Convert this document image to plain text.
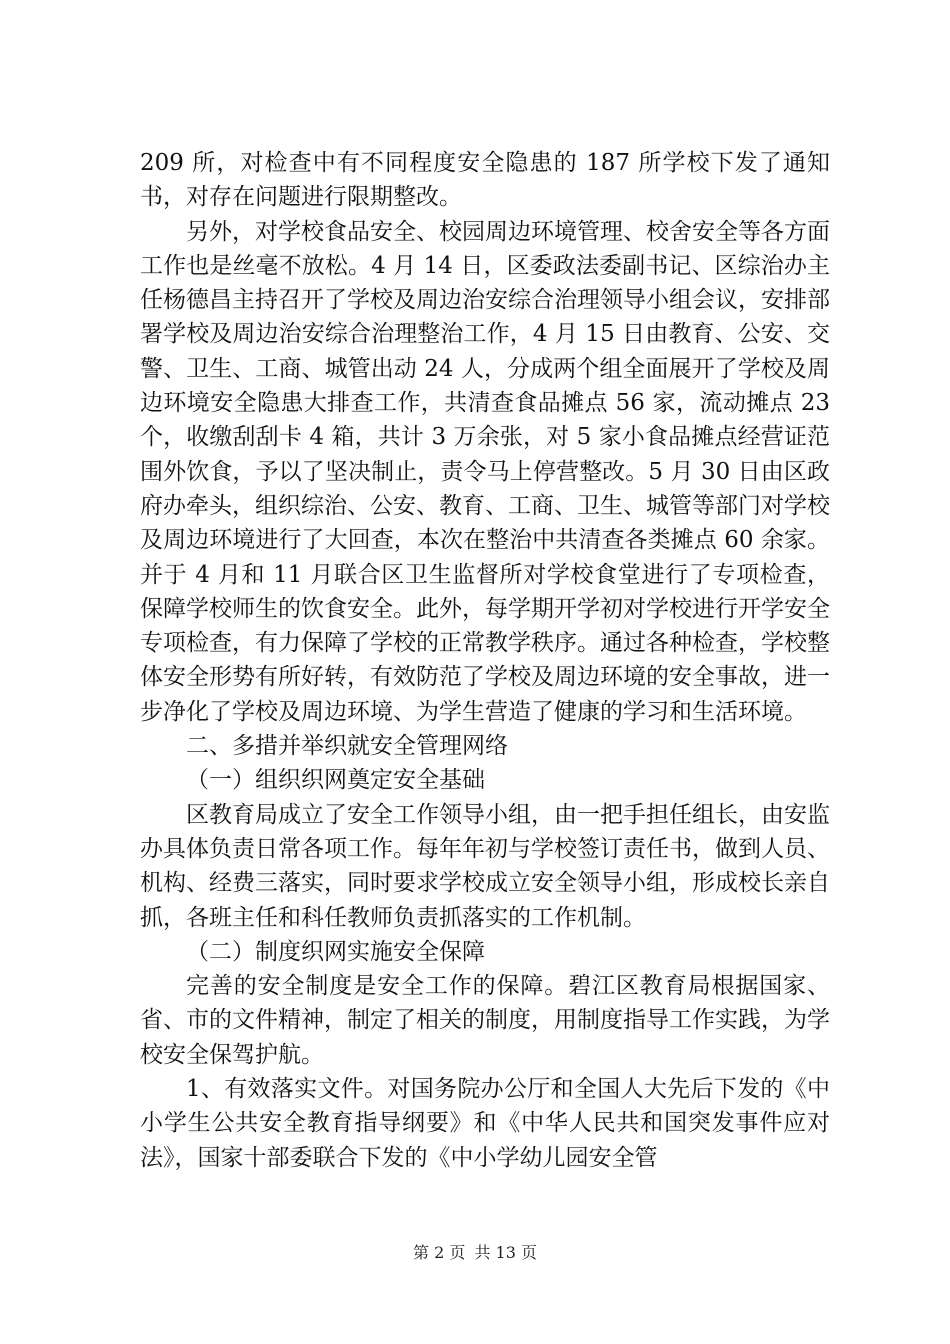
209 所，对检查中有不同程度安全隐患的 187 所学校下发了通知书，对存在问题进行限期整改。

另外，对学校食品安全、校园周边环境管理、校舍安全等各方面工作也是丝毫不放松。4 月 14 日，区委政法委副书记、区综治办主任杨德昌主持召开了学校及周边治安综合治理领导小组会议，安排部署学校及周边治安综合治理整治工作，4 月 15 日由教育、公安、交警、卫生、工商、城管出动 24 人，分成两个组全面展开了学校及周边环境安全隐患大排查工作，共清查食品摊点 56 家，流动摊点 23 个，收缴刮刮卡 4 箱，共计 3 万余张，对 5 家小食品摊点经营证范围外饮食，予以了坚决制止，责令马上停营整改。5 月 30 日由区政府办牵头，组织综治、公安、教育、工商、卫生、城管等部门对学校及周边环境进行了大回查，本次在整治中共清查各类摊点 60 余家。并于 4 月和 11 月联合区卫生监督所对学校食堂进行了专项检查，保障学校师生的饮食安全。此外，每学期开学初对学校进行开学安全专项检查，有力保障了学校的正常教学秩序。通过各种检查，学校整体安全形势有所好转，有效防范了学校及周边环境的安全事故，进一步净化了学校及周边环境、为学生营造了健康的学习和生活环境。

二、多措并举织就安全管理网络

（一）组织织网奠定安全基础

区教育局成立了安全工作领导小组，由一把手担任组长，由安监办具体负责日常各项工作。每年年初与学校签订责任书，做到人员、机构、经费三落实，同时要求学校成立安全领导小组，形成校长亲自抓，各班主任和科任教师负责抓落实的工作机制。

（二）制度织网实施安全保障

完善的安全制度是安全工作的保障。碧江区教育局根据国家、省、市的文件精神，制定了相关的制度，用制度指导工作实践，为学校安全保驾护航。

1、有效落实文件。对国务院办公厅和全国人大先后下发的《中小学生公共安全教育指导纲要》和《中华人民共和国突发事件应对法》，国家十部委联合下发的《中小学幼儿园安全管

第 2 页 共 13 页
